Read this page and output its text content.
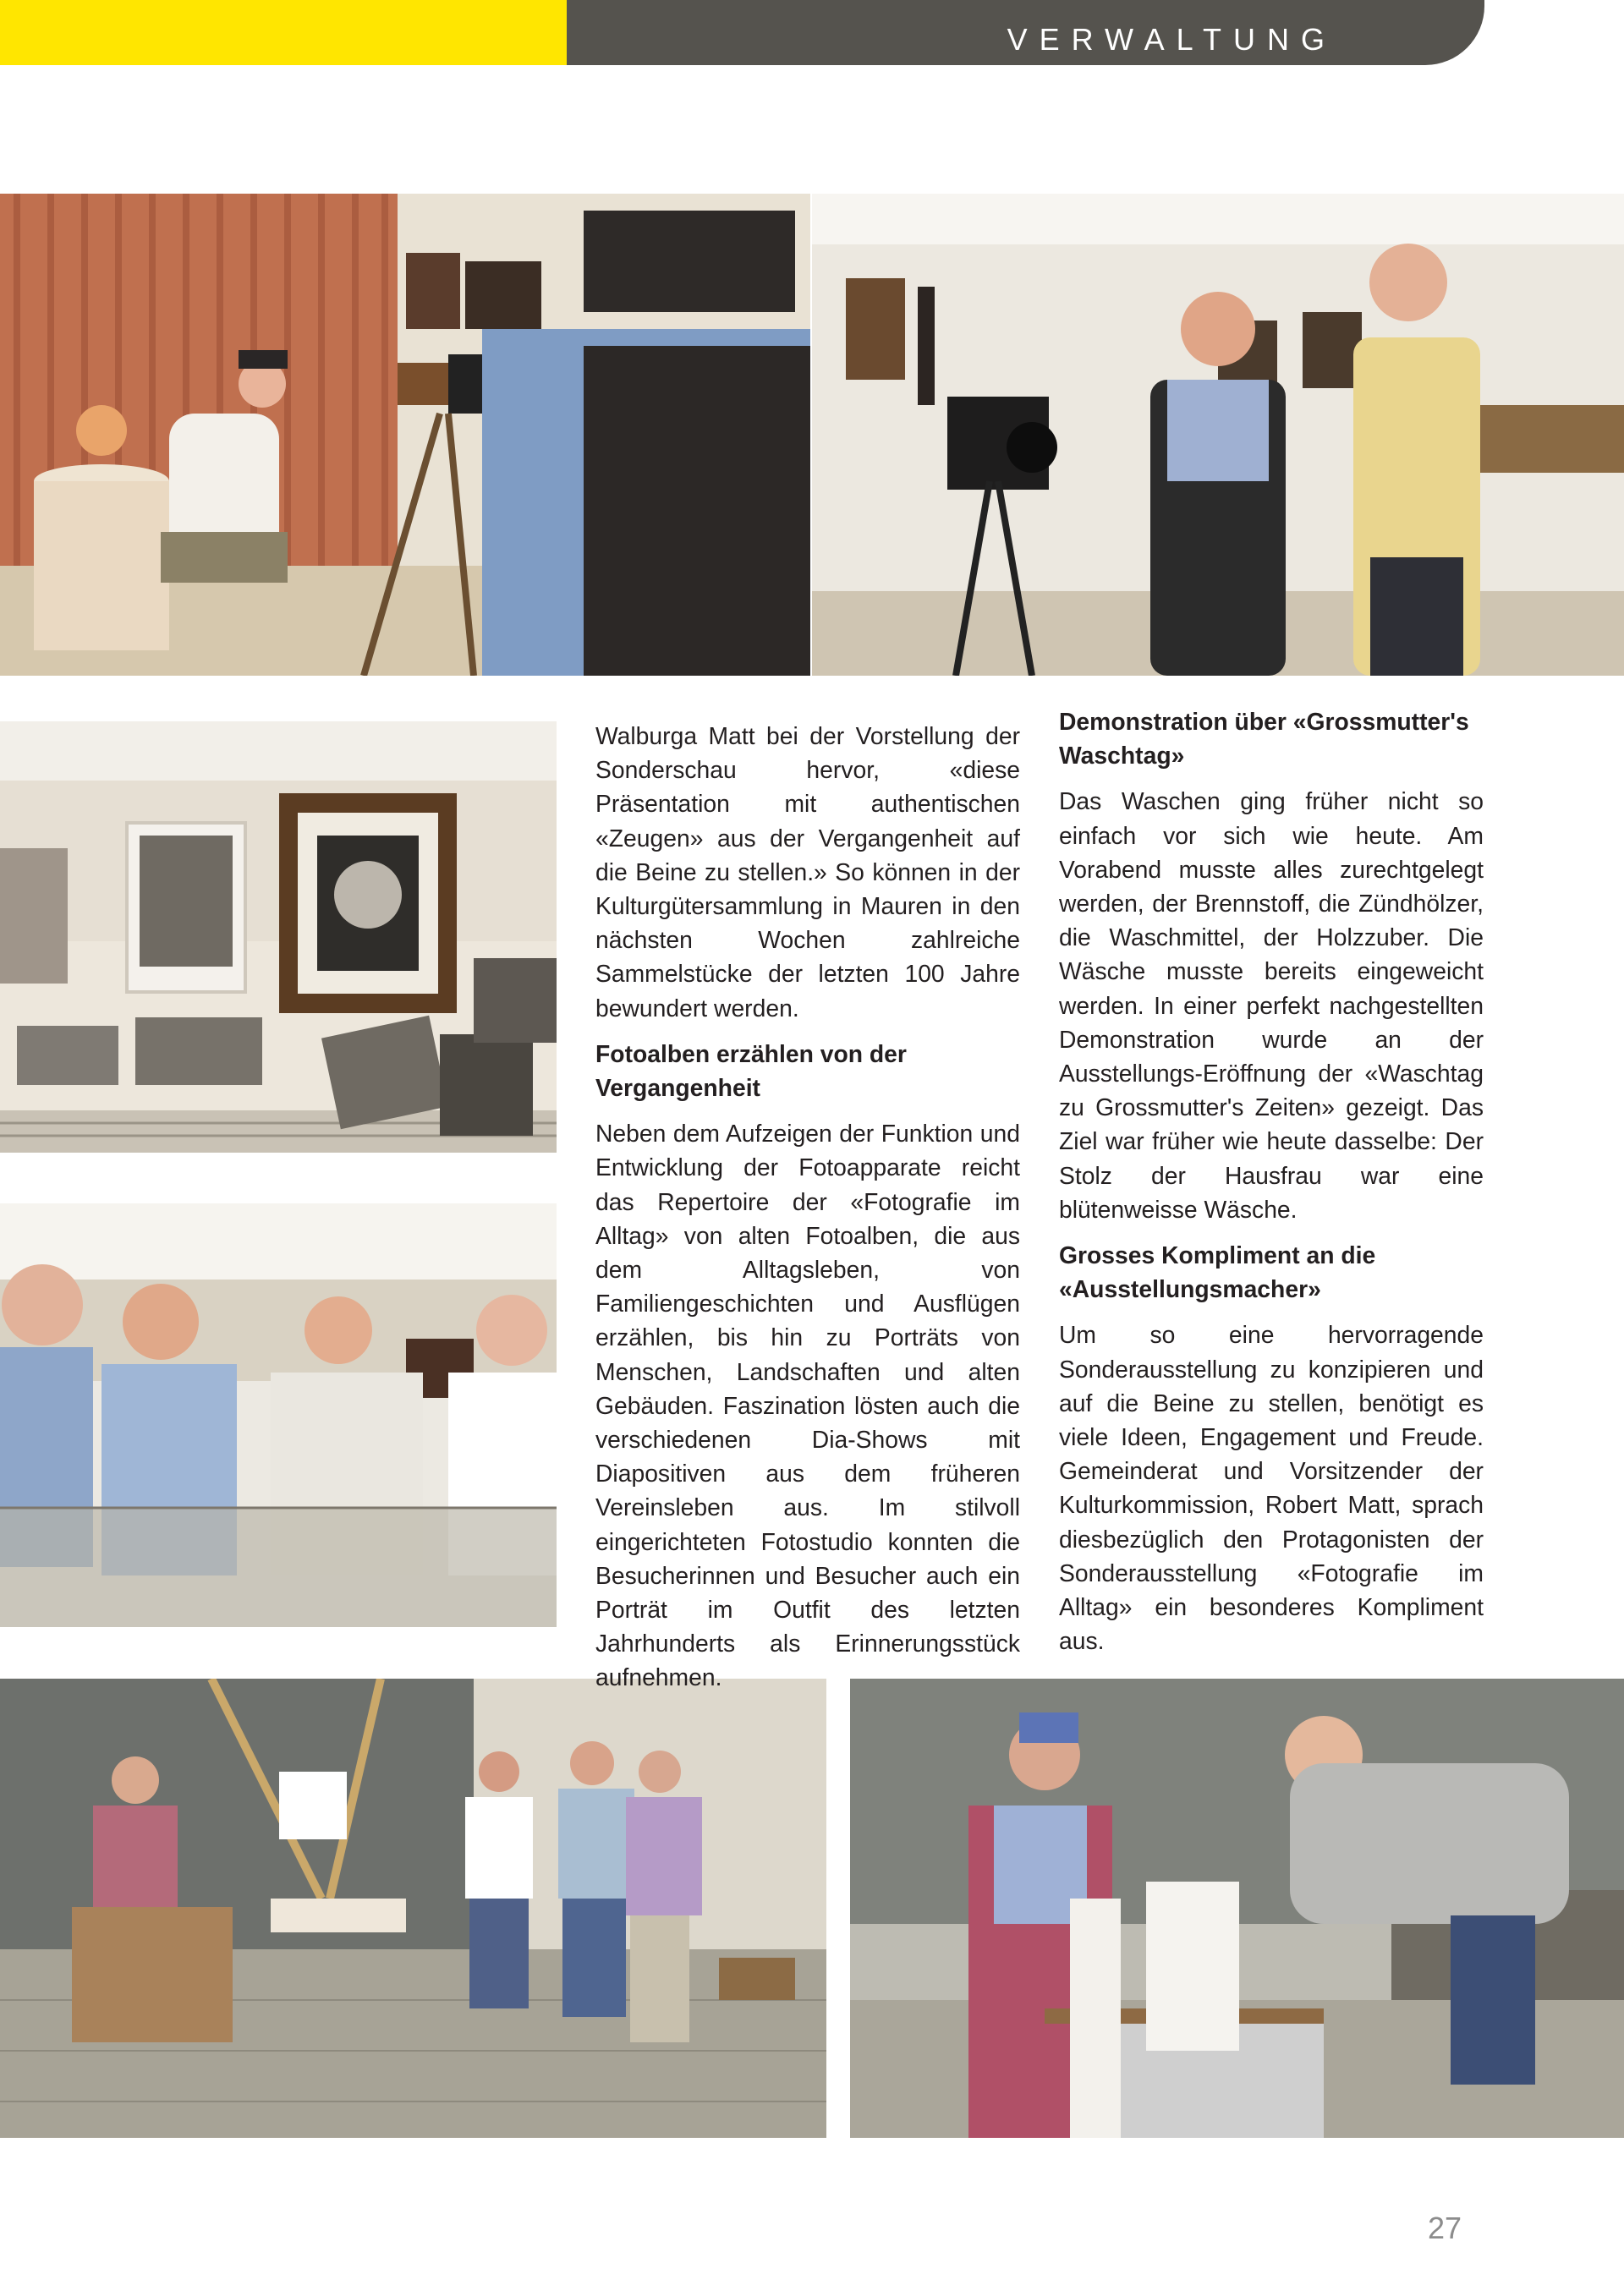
VERWALTUNG

Walburga Matt bei der Vorstellung der Sonderschau hervor, «diese Präsentation mit authentischen «Zeugen» aus der Vergangenheit auf die Beine zu stellen.» So können in der Kulturgütersammlung in Mauren in den nächsten Wochen zahlreiche Sammelstücke der letzten 100 Jahre bewundert werden.

Fotoalben erzählen von der Vergangenheit

Neben dem Aufzeigen der Funktion und Entwicklung der Fotoapparate reicht das Repertoire der «Fotografie im Alltag» von alten Fotoalben, die aus dem Alltagsleben, von Familiengeschichten und Ausflügen erzählen, bis hin zu Porträts von Menschen, Landschaften und alten Gebäuden. Faszination lösten auch die verschiedenen Dia-Shows mit Diapositiven aus dem früheren Vereinsleben aus. Im stilvoll eingerichteten Fotostudio konnten die Besucherinnen und Besucher auch ein Porträt im Outfit des letzten Jahrhunderts als Erinnerungsstück aufnehmen.

Demonstration über «Grossmutter's Waschtag»

Das Waschen ging früher nicht so einfach vor sich wie heute. Am Vorabend musste alles zurechtgelegt werden, der Brennstoff, die Zündhölzer, die Waschmittel, der Holzzuber. Die Wäsche musste bereits eingeweicht werden. In einer perfekt nachgestellten Demonstration wurde an der Ausstellungs-Eröffnung der «Waschtag zu Grossmutter's Zeiten» gezeigt. Das Ziel war früher wie heute dasselbe: Der Stolz der Hausfrau war eine blütenweisse Wäsche.

Grosses Kompliment an die «Ausstellungsmacher»

Um so eine hervorragende Sonderausstellung zu konzipieren und auf die Beine zu stellen, benötigt es viele Ideen, Engagement und Freude. Gemeinderat und Vorsitzender der Kulturkommission, Robert Matt, sprach diesbezüglich den Protagonisten der Sonderausstellung «Fotografie im Alltag» ein besonderes Kompliment aus.

27
